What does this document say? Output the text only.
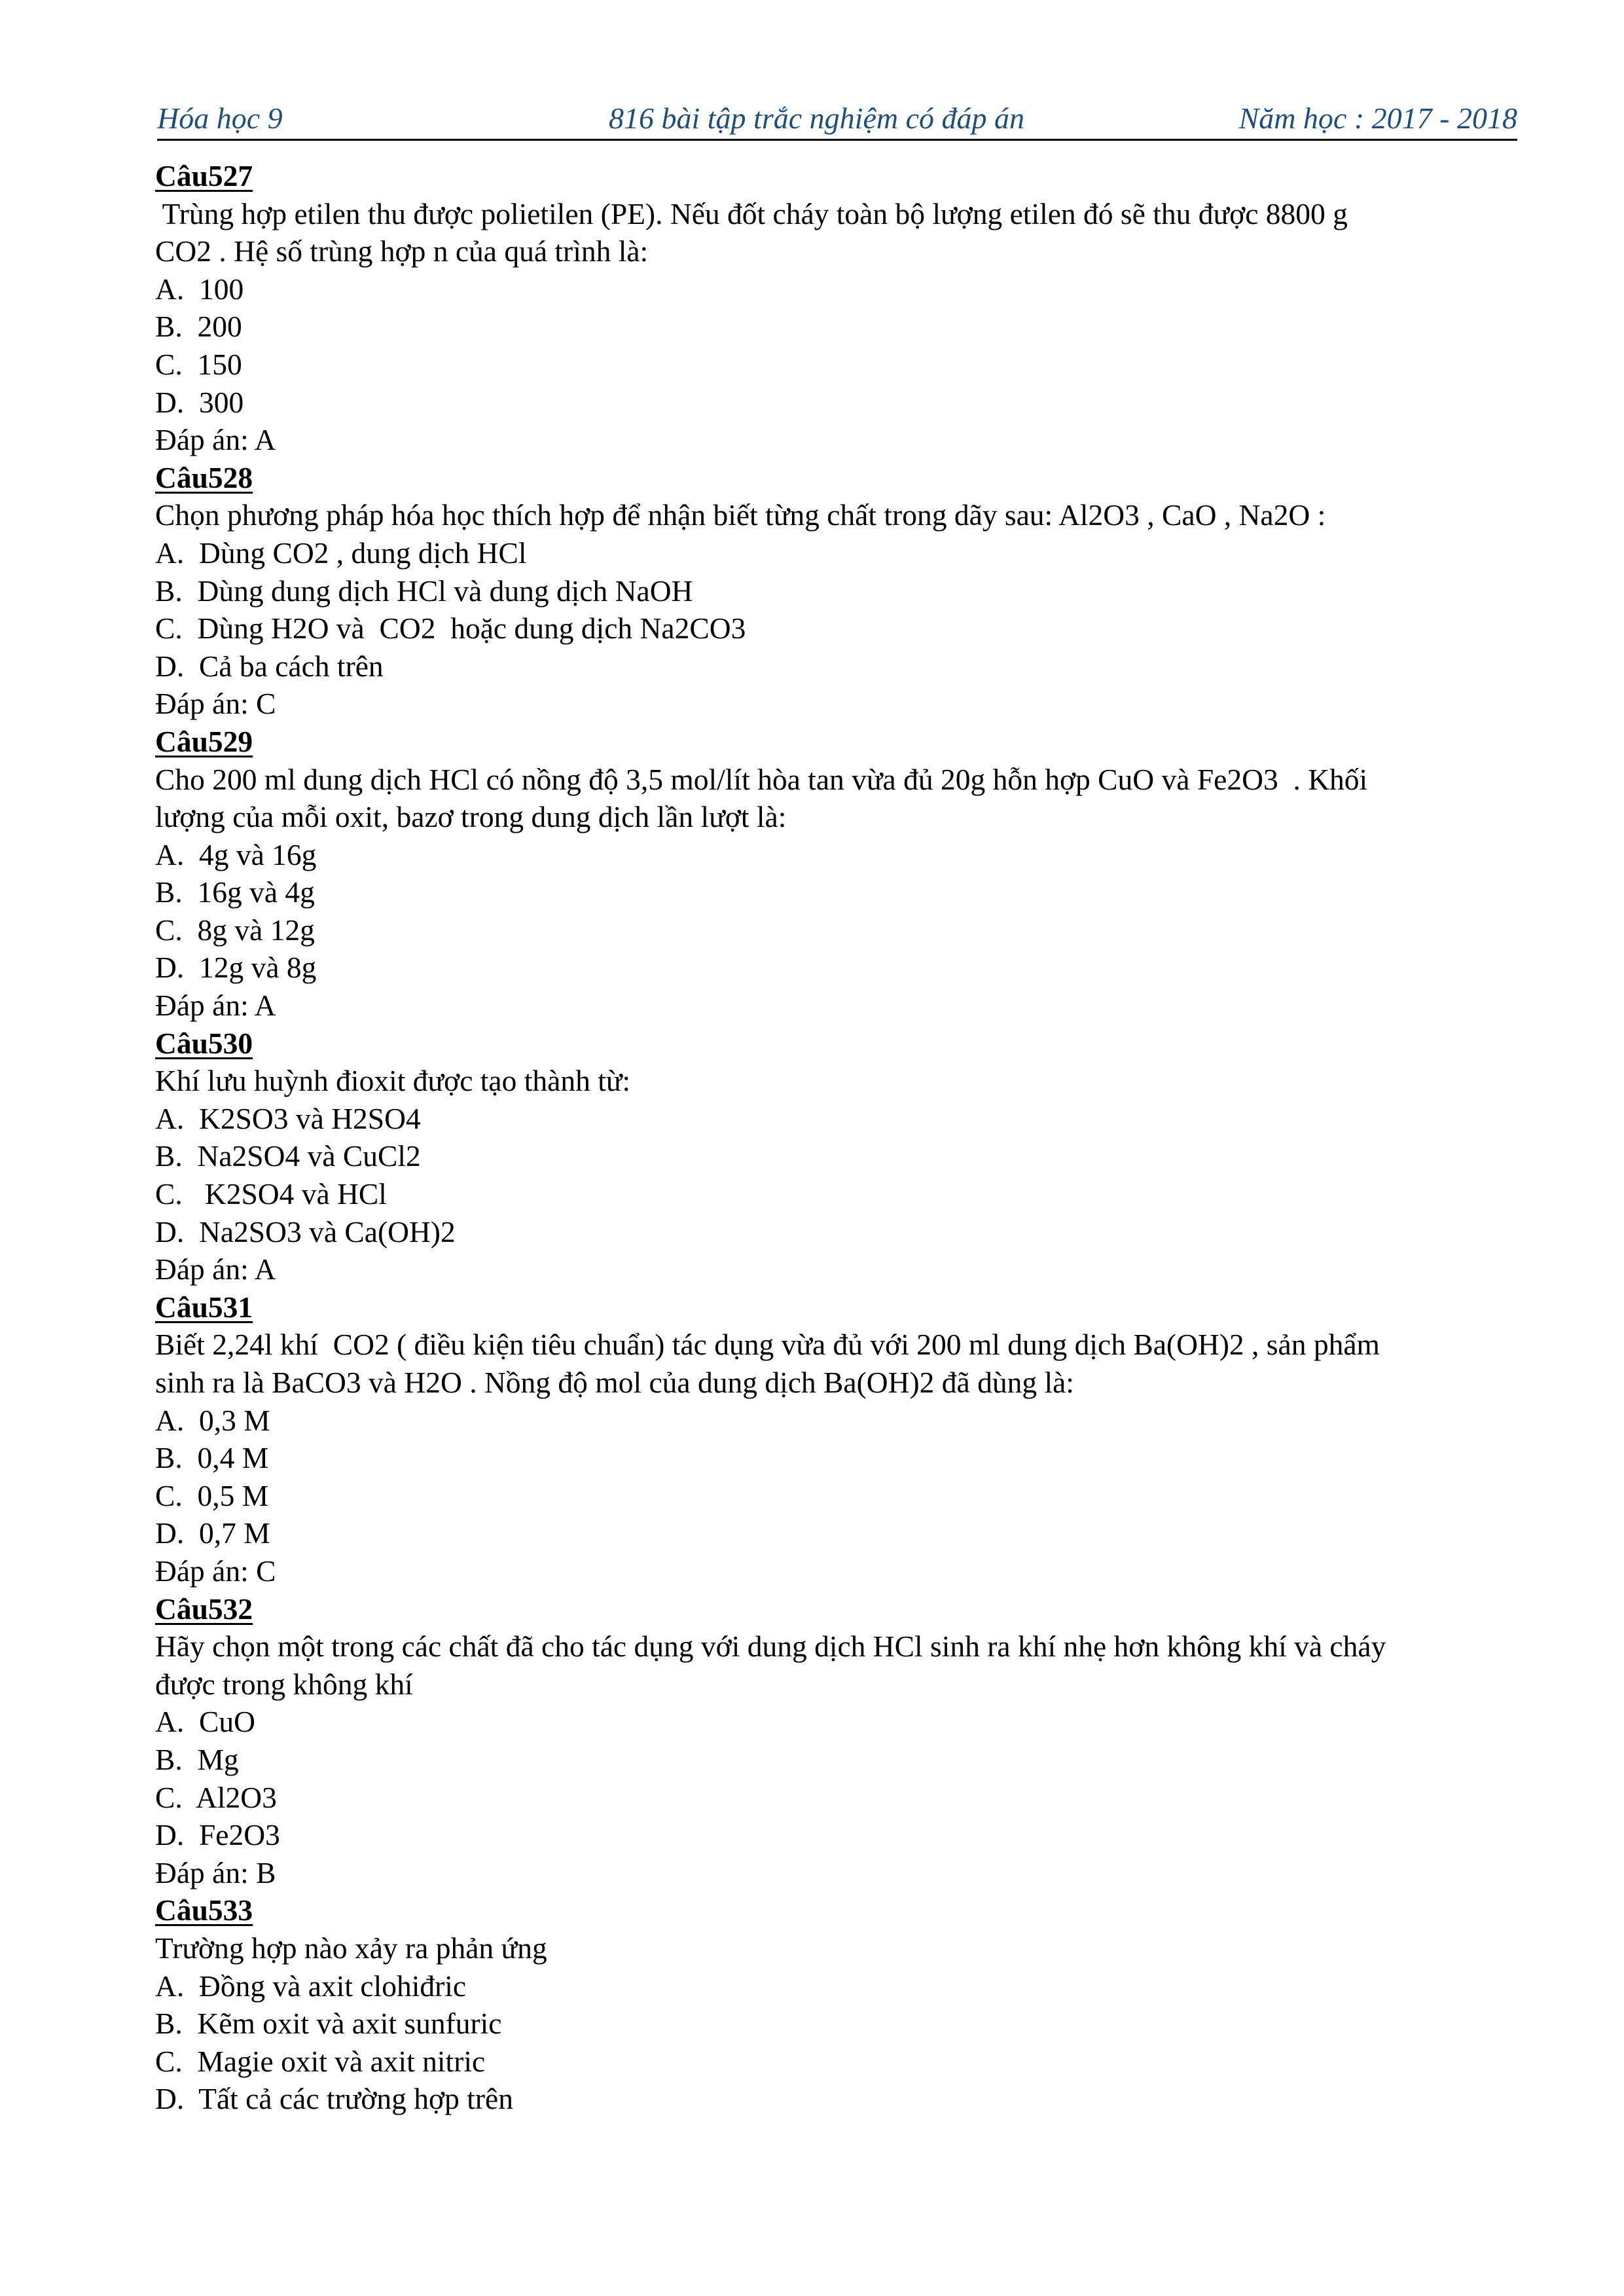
Hóa học 9	816 bài tập trắc nghiệm có đáp án	Năm học : 2017 - 2018

Câu527

Trùng hợp etilen thu được polietilen (PE). Nếu đốt cháy toàn bộ lượng etilen đó sẽ thu được 8800 g

CO2 . Hệ số trùng hợp n của quá trình là:

A.  100

B.  200

C.  150

D.  300

Đáp án: A

Câu528

Chọn phương pháp hóa học thích hợp để nhận biết từng chất trong dãy sau: Al2O3 , CaO , Na2O :

A.  Dùng CO2 , dung dịch HCl

B.  Dùng dung dịch HCl và dung dịch NaOH

C.  Dùng H2O và  CO2  hoặc dung dịch Na2CO3

D.  Cả ba cách trên

Đáp án: C

Câu529

Cho 200 ml dung dịch HCl có nồng độ 3,5 mol/lít hòa tan vừa đủ 20g hỗn hợp CuO và Fe2O3  . Khối

lượng của mỗi oxit, bazơ trong dung dịch lần lượt là:

A.  4g và 16g

B.  16g và 4g

C.  8g và 12g

D.  12g và 8g

Đáp án: A

Câu530

Khí lưu huỳnh đioxit được tạo thành từ:

A.  K2SO3 và H2SO4

B.  Na2SO4 và CuCl2

C.   K2SO4 và HCl

D.  Na2SO3 và Ca(OH)2

Đáp án: A

Câu531

Biết 2,24l khí  CO2 ( điều kiện tiêu chuẩn) tác dụng vừa đủ với 200 ml dung dịch Ba(OH)2 , sản phẩm

sinh ra là BaCO3 và H2O . Nồng độ mol của dung dịch Ba(OH)2 đã dùng là:

A.  0,3 M

B.  0,4 M

C.  0,5 M

D.  0,7 M

Đáp án: C

Câu532

Hãy chọn một trong các chất đã cho tác dụng với dung dịch HCl sinh ra khí nhẹ hơn không khí và cháy

được trong không khí

A.  CuO

B.  Mg

C.  Al2O3

D.  Fe2O3

Đáp án: B

Câu533

Trường hợp nào xảy ra phản ứng

A.  Đồng và axit clohiđric

B.  Kẽm oxit và axit sunfuric

C.  Magie oxit và axit nitric

D.  Tất cả các trường hợp trên
